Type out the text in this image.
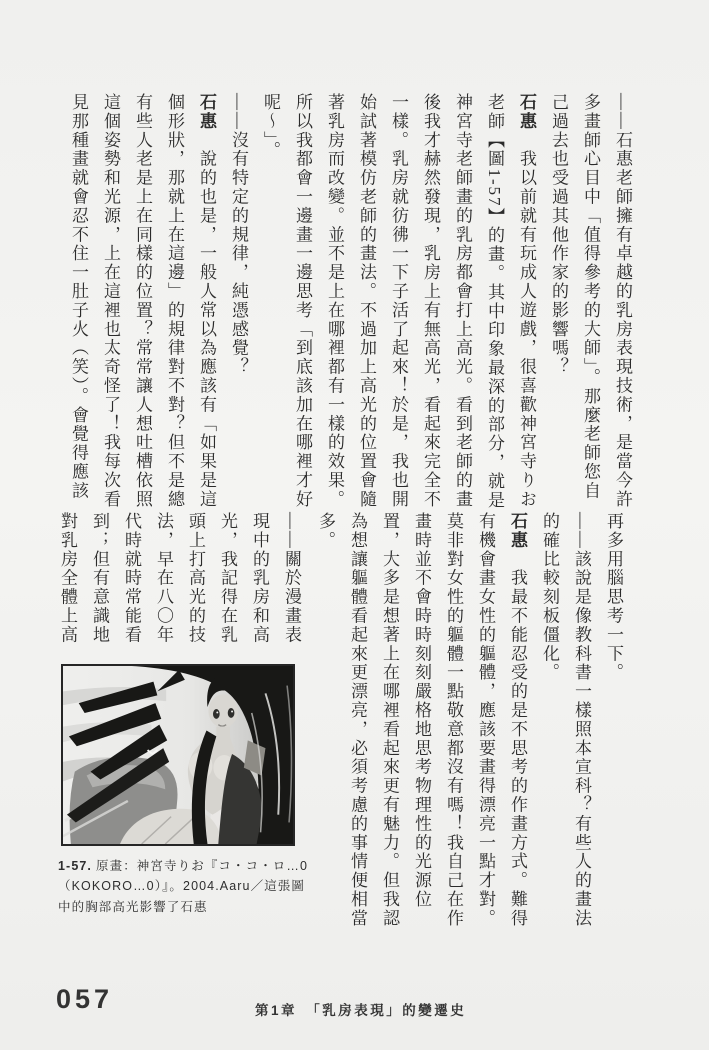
——石惠老師擁有卓越的乳房表現技術，是當今許多畫師心目中「值得參考的大師」。那麼老師您自己過去也受過其他作家的影響嗎？

石惠我以前就有玩成人遊戲，很喜歡神宮寺りお老師【圖1-57】的畫。其中印象最深的部分，就是神宮寺老師畫的乳房都會打上高光。看到老師的畫後我才赫然發現，乳房上有無高光，看起來完全不一樣。乳房就彷彿一下子活了起來！於是，我也開始試著模仿老師的畫法。不過加上高光的位置會隨著乳房而改變。並不是上在哪裡都有一樣的效果。所以我都會一邊畫一邊思考「到底該加在哪裡才好呢～」。

——沒有特定的規律，純憑感覺？

石惠說的也是，一般人常以為應該有「如果是這個形狀，那就上在這邊」的規律對不對？但不是總有些人老是上在同樣的位置？常常讓人想吐槽依照這個姿勢和光源，上在這裡也太奇怪了！我每次看見那種畫就會忍不住一肚子火（笑）。會覺得應該

再多用腦思考一下。

——該說是像教科書一樣照本宣科？有些人的畫法的確比較刻板僵化。

石惠我最不能忍受的是不思考的作畫方式。難得有機會畫女性的軀體，應該要畫得漂亮一點才對。莫非對女性的軀體一點敬意都沒有嗎！我自己在作畫時並不會時時刻刻嚴格地思考物理性的光源位置，大多是想著上在哪裡看起來更有魅力。但我認為想讓軀體看起來更漂亮，必須考慮的事情便相當多。

——關於漫畫表現中的乳房和高光，我記得在乳頭上打高光的技法，早在八〇年代時就時常能看到；但有意識地對乳房全體上高

1-57. 原畫：神宮寺りお『コ・コ・ロ…0（KOKORO…0）』。2004.Aaru／這張圖中的胸部高光影響了石惠

057	第1章　「乳房表現」的變遷史
